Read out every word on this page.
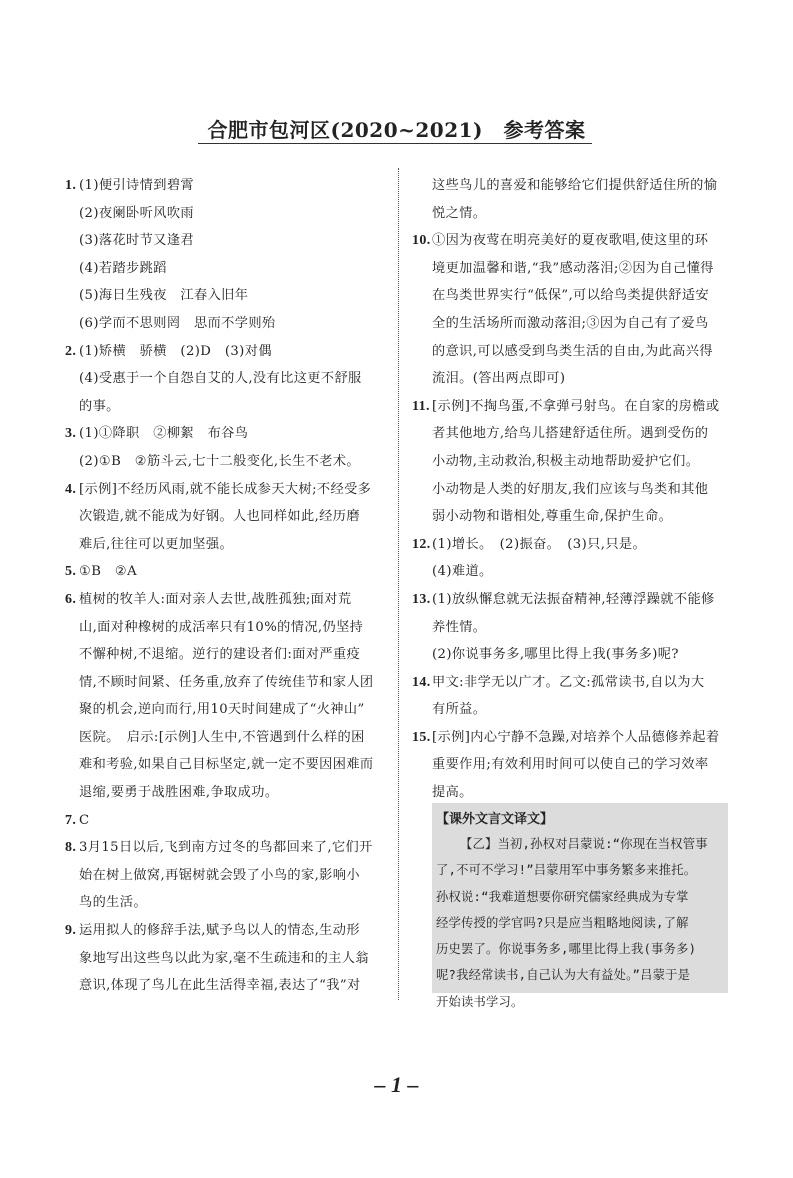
合肥市包河区(2020~2021)　参考答案
1. (1)便引诗情到碧霄
(2)夜阑卧听风吹雨
(3)落花时节又逢君
(4)若踏步跳蹈
(5)海日生残夜　江春入旧年
(6)学而不思则罔　思而不学则殆
2. (1)矫横　骄横　(2)D　(3)对偶
(4)受惠于一个自怨自艾的人,没有比这更不舒服
的事。
3. (1)①降职　②柳絮　布谷鸟
(2)①B　②筋斗云,七十二般变化,长生不老术。
4. [示例]不经历风雨,就不能长成参天大树;不经受多
次锻造,就不能成为好钢。人也同样如此,经历磨
难后,往往可以更加坚强。
5. ①B　②A
6. 植树的牧羊人:面对亲人去世,战胜孤独;面对荒
山,面对种橡树的成活率只有10%的情况,仍坚持
不懈种树,不退缩。逆行的建设者们:面对严重疫
情,不顾时间紧、任务重,放弃了传统佳节和家人团
聚的机会,逆向而行,用10天时间建成了“火神山”
医院。　启示:[示例]人生中,不管遇到什么样的困
难和考验,如果自己目标坚定,就一定不要因困难而
退缩,要勇于战胜困难,争取成功。
7. C
8. 3月15日以后,飞到南方过冬的鸟都回来了,它们开
始在树上做窝,再锯树就会毁了小鸟的家,影响小
鸟的生活。
9. 运用拟人的修辞手法,赋予鸟以人的情态,生动形
象地写出这些鸟以此为家,毫不生疏违和的主人翁
意识,体现了鸟儿在此生活得幸福,表达了“我”对
这些鸟儿的喜爱和能够给它们提供舒适住所的愉
悦之情。
10.①因为夜莺在明亮美好的夏夜歌唱,使这里的环
境更加温馨和谐,“我”感动落泪;②因为自己懂得
在鸟类世界实行“低保”,可以给鸟类提供舒适安
全的生活场所而激动落泪;③因为自己有了爱鸟
的意识,可以感受到鸟类生活的自由,为此高兴得
流泪。(答出两点即可)
11. [示例]不掏鸟蛋,不拿弹弓射鸟。在自家的房檐或
者其他地方,给鸟儿搭建舒适住所。遇到受伤的
小动物,主动救治,积极主动地帮助爱护它们。
小动物是人类的好朋友,我们应该与鸟类和其他
弱小动物和谐相处,尊重生命,保护生命。
12.(1)增长。　(2)振奋。　(3)只,只是。
(4)难道。
13.(1)放纵懈怠就无法振奋精神,轻薄浮躁就不能修
养性情。
(2)你说事务多,哪里比得上我(事务多)呢?
14.甲文:非学无以广才。乙文:孤常读书,自以为大
有所益。
15.[示例]内心宁静不急躁,对培养个人品德修养起着
重要作用;有效利用时间可以使自己的学习效率
提高。
【课外文言文译文】
【乙】当初,孙权对吕蒙说:“你现在当权管事
了,不可不学习!”吕蒙用军中事务繁多来推托。
孙权说:“我难道想要你研究儒家经典成为专掌
经学传授的学官吗?只是应当粗略地阅读,了解
历史罢了。你说事务多,哪里比得上我(事务多)
呢?我经常读书,自己认为大有益处。”吕蒙于是
开始读书学习。
– 1 –
